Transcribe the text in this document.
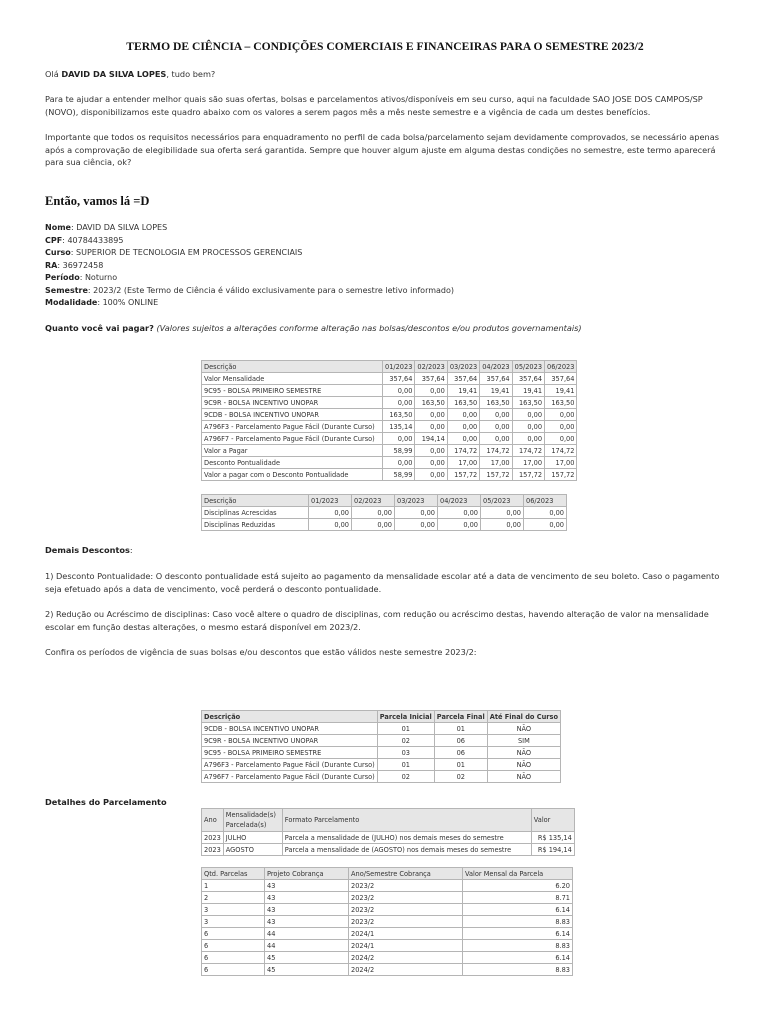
TERMO DE CIÊNCIA – CONDIÇÕES COMERCIAIS E FINANCEIRAS PARA O SEMESTRE 2023/2
Olá DAVID DA SILVA LOPES, tudo bem?
Para te ajudar a entender melhor quais são suas ofertas, bolsas e parcelamentos ativos/disponíveis em seu curso, aqui na faculdade SAO JOSE DOS CAMPOS/SP (NOVO), disponibilizamos este quadro abaixo com os valores a serem pagos mês a mês neste semestre e a vigência de cada um destes benefícios.
Importante que todos os requisitos necessários para enquadramento no perfil de cada bolsa/parcelamento sejam devidamente comprovados, se necessário apenas após a comprovação de elegibilidade sua oferta será garantida. Sempre que houver algum ajuste em alguma destas condições no semestre, este termo aparecerá para sua ciência, ok?
Então, vamos lá =D
Nome: DAVID DA SILVA LOPES
CPF: 40784433895
Curso: SUPERIOR DE TECNOLOGIA EM PROCESSOS GERENCIAIS
RA: 36972458
Período: Noturno
Semestre: 2023/2 (Este Termo de Ciência é válido exclusivamente para o semestre letivo informado)
Modalidade: 100% ONLINE
Quanto você vai pagar? (Valores sujeitos a alterações conforme alteração nas bolsas/descontos e/ou produtos governamentais)
Descrição	01/2023	02/2023	03/2023	04/2023	05/2023	06/2023
Valor Mensalidade	357,64	357,64	357,64	357,64	357,64	357,64
9C95 - BOLSA PRIMEIRO SEMESTRE	0,00	0,00	19,41	19,41	19,41	19,41
9C9R - BOLSA INCENTIVO UNOPAR	0,00	163,50	163,50	163,50	163,50	163,50
9CDB - BOLSA INCENTIVO UNOPAR	163,50	0,00	0,00	0,00	0,00	0,00
A796F3 - Parcelamento Pague Fácil (Durante Curso)	135,14	0,00	0,00	0,00	0,00	0,00
A796F7 - Parcelamento Pague Fácil (Durante Curso)	0,00	194,14	0,00	0,00	0,00	0,00
Valor a Pagar	58,99	0,00	174,72	174,72	174,72	174,72
Desconto Pontualidade	0,00	0,00	17,00	17,00	17,00	17,00
Valor a pagar com o Desconto Pontualidade	58,99	0,00	157,72	157,72	157,72	157,72
Descrição	01/2023	02/2023	03/2023	04/2023	05/2023	06/2023
Disciplinas Acrescidas	0,00	0,00	0,00	0,00	0,00	0,00
Disciplinas Reduzidas	0,00	0,00	0,00	0,00	0,00	0,00
Demais Descontos:
1) Desconto Pontualidade: O desconto pontualidade está sujeito ao pagamento da mensalidade escolar até a data de vencimento de seu boleto. Caso o pagamento seja efetuado após a data de vencimento, você perderá o desconto pontualidade.
2) Redução ou Acréscimo de disciplinas: Caso você altere o quadro de disciplinas, com redução ou acréscimo destas, havendo alteração de valor na mensalidade escolar em função destas alterações, o mesmo estará disponível em 2023/2.
Confira os períodos de vigência de suas bolsas e/ou descontos que estão válidos neste semestre 2023/2:
Descrição	Parcela Inicial	Parcela Final	Até Final do Curso
9CDB - BOLSA INCENTIVO UNOPAR	01	01	NÃO
9C9R - BOLSA INCENTIVO UNOPAR	02	06	SIM
9C95 - BOLSA PRIMEIRO SEMESTRE	03	06	NÃO
A796F3 - Parcelamento Pague Fácil (Durante Curso)	01	01	NÃO
A796F7 - Parcelamento Pague Fácil (Durante Curso)	02	02	NÃO
Detalhes do Parcelamento
Ano	Mensalidade(s) Parcelada(s)	Formato Parcelamento	Valor
2023	JULHO	Parcela a mensalidade de (JULHO) nos demais meses do semestre	R$ 135,14
2023	AGOSTO	Parcela a mensalidade de (AGOSTO) nos demais meses do semestre	R$ 194,14
Qtd. Parcelas	Projeto Cobrança	Ano/Semestre Cobrança	Valor Mensal da Parcela
1	43	2023/2	6.20
2	43	2023/2	8.71
3	43	2023/2	6.14
3	43	2023/2	8.83
6	44	2024/1	6.14
6	44	2024/1	8.83
6	45	2024/2	6.14
6	45	2024/2	8.83
